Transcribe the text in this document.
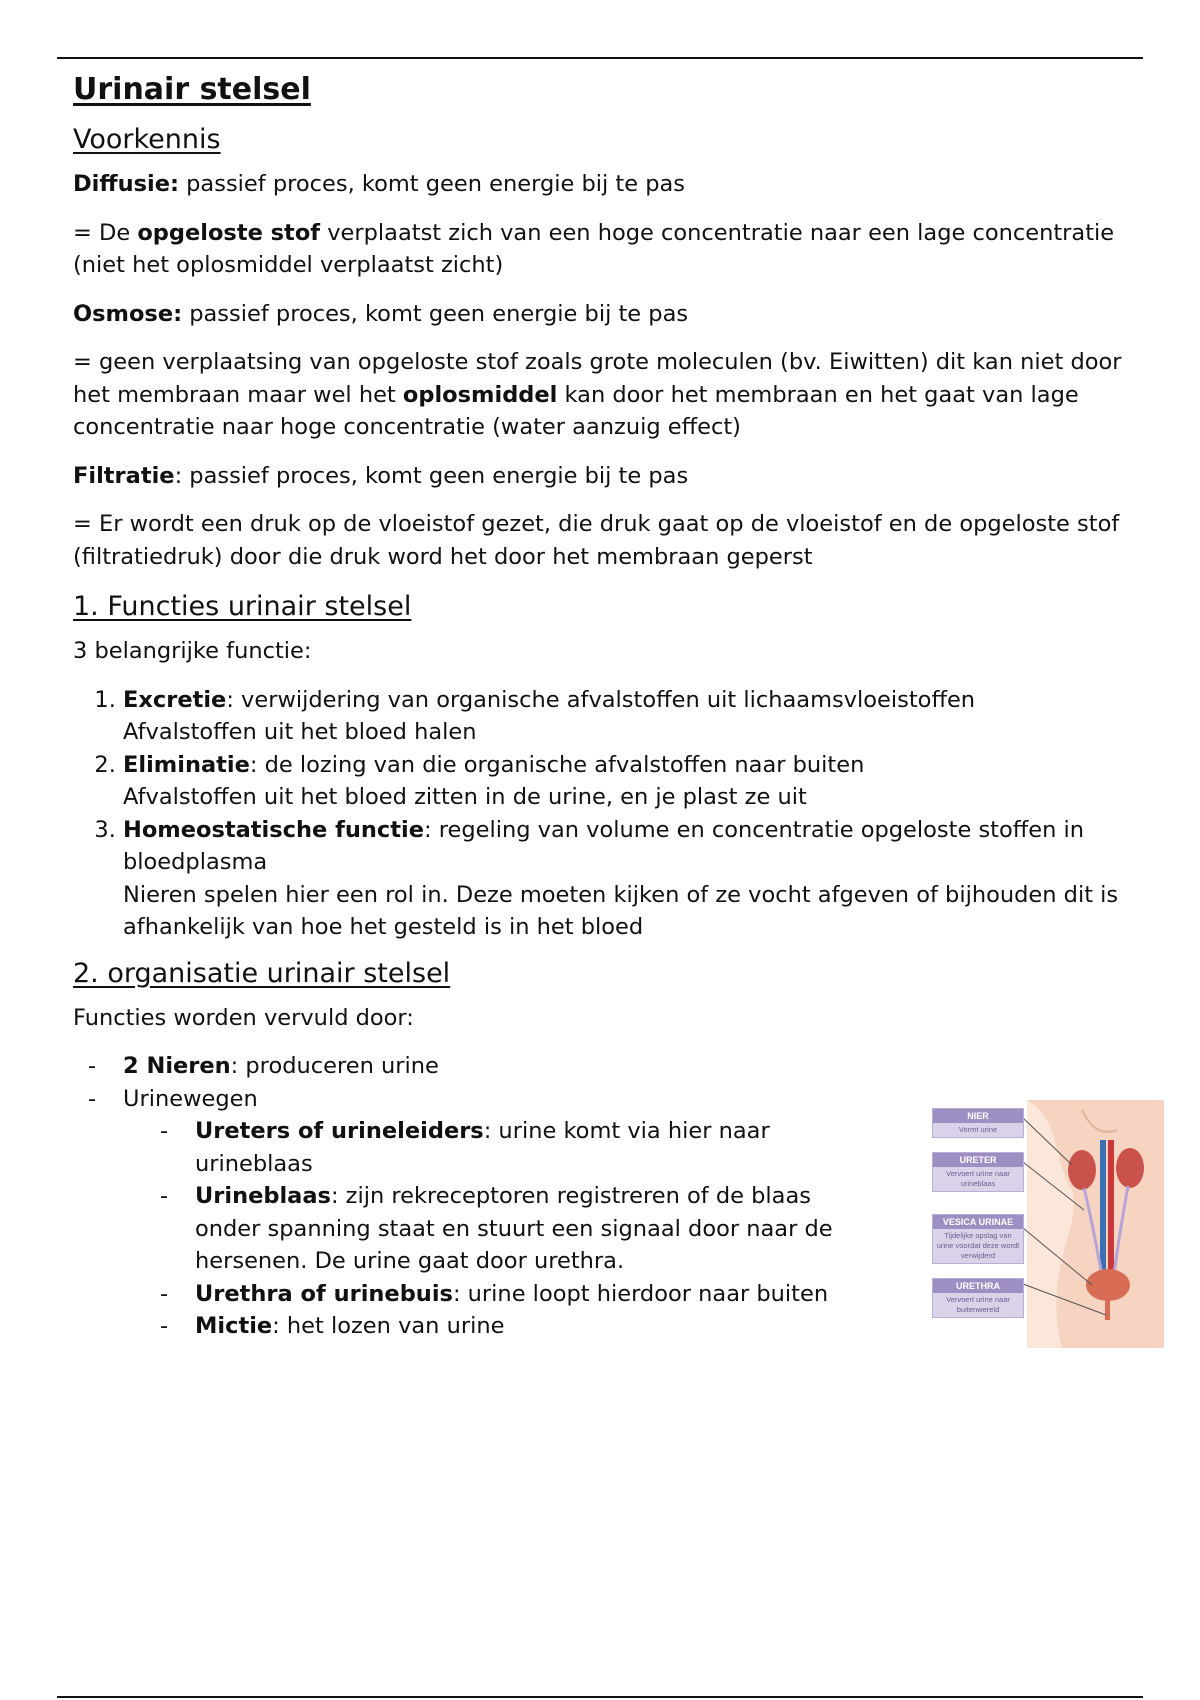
Urinair stelsel
Voorkennis

Diffusie: passief proces, komt geen energie bij te pas

= De opgeloste stof verplaatst zich van een hoge concentratie naar een lage concentratie (niet het oplosmiddel verplaatst zicht)

Osmose: passief proces, komt geen energie bij te pas

= geen verplaatsing van opgeloste stof zoals grote moleculen (bv. Eiwitten) dit kan niet door het membraan maar wel het oplosmiddel kan door het membraan en het gaat van lage concentratie naar hoge concentratie (water aanzuig effect)

Filtratie: passief proces, komt geen energie bij te pas

= Er wordt een druk op de vloeistof gezet, die druk gaat op de vloeistof en de opgeloste stof (filtratiedruk) door die druk word het door het membraan geperst

1. Functies urinair stelsel

3 belangrijke functie:

1. Excretie: verwijdering van organische afvalstoffen uit lichaamsvloeistoffen
Afvalstoffen uit het bloed halen
2. Eliminatie: de lozing van die organische afvalstoffen naar buiten
Afvalstoffen uit het bloed zitten in de urine, en je plast ze uit
3. Homeostatische functie: regeling van volume en concentratie opgeloste stoffen in bloedplasma
Nieren spelen hier een rol in. Deze moeten kijken of ze vocht afgeven of bijhouden dit is afhankelijk van hoe het gesteld is in het bloed
2. organisatie urinair stelsel

Functies worden vervuld door:

- 2 Nieren: produceren urine
- Urinewegen
- Ureters of urineleiders: urine komt via hier naar urineblaas
- Urineblaas: zijn rekreceptoren registreren of de blaas onder spanning staat en stuurt een signaal door naar de hersenen. De urine gaat door urethra.
- Urethra of urinebuis: urine loopt hierdoor naar buiten
- Mictie: het lozen van urine
NIER
Vormt urine
URETER
Vervoert urine naar urineblaas
VESICA URINAE
Tijdelijke opslag van urine voordat deze wordt verwijderd
URETHRA
Vervoert urine naar buitenwereld
